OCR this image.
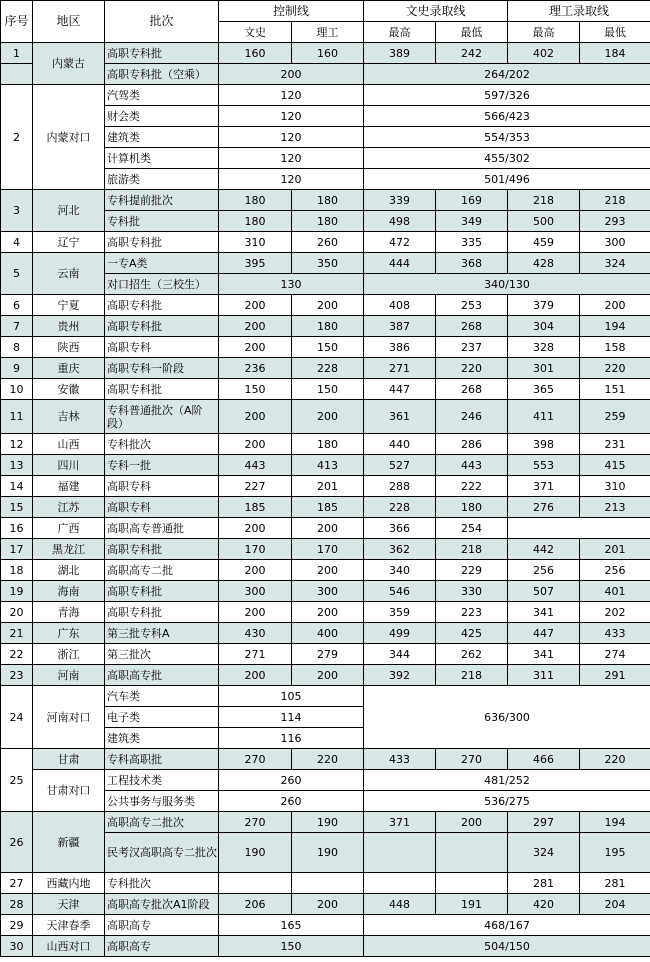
序号	地区	批次	控制线		文史录取线		理工录取线	
			文史	理工	最高	最低	最高	最低
1	内蒙古	高职专科批	160	160	389	242	402	184
		高职专科批（空乘）	200		264/202			
2	内蒙对口	汽驾类	120		597/326			
		财会类	120		566/423			
		建筑类	120		554/353			
		计算机类	120		455/302			
		旅游类	120		501/496			
3	河北	专科提前批次	180	180	339	169	218	218
		专科批	180	180	498	349	500	293
4	辽宁	高职专科批	310	260	472	335	459	300
5	云南	一专A类	395	350	444	368	428	324
		对口招生（三校生）	130		340/130			
6	宁夏	高职专科批	200	200	408	253	379	200
7	贵州	高职专科批	200	180	387	268	304	194
8	陕西	高职专科	200	150	386	237	328	158
9	重庆	高职专科一阶段	236	228	271	220	301	220
10	安徽	高职专科批	150	150	447	268	365	151
11	吉林	专科普通批次（A阶段）	200	200	361	246	411	259
12	山西	专科批次	200	180	440	286	398	231
13	四川	专科一批	443	413	527	443	553	415
14	福建	高职专科	227	201	288	222	371	310
15	江苏	高职专科	185	185	228	180	276	213
16	广西	高职高专普通批	200	200	366	254		
17	黑龙江	高职专科批	170	170	362	218	442	201
18	湖北	高职高专二批	200	200	340	229	256	256
19	海南	高职专科批	300	300	546	330	507	401
20	青海	高职专科批	200	200	359	223	341	202
21	广东	第三批专科A	430	400	499	425	447	433
22	浙江	第三批次	271	279	344	262	341	274
23	河南	高职高专批	200	200	392	218	311	291
24	河南对口	汽车类	105		636/300			
		电子类	114					
		建筑类	116					
25	甘肃	专科高职批	270	220	433	270	466	220
	甘肃对口	工程技术类	260		481/252			
		公共事务与服务类	260		536/275			
26	新疆	高职高专二批次	270	190	371	200	297	194
		民考汉高职高专二批次	190	190			324	195
27	西藏内地	专科批次					281	281
28	天津	高职高专批次A1阶段	206	200	448	191	420	204
29	天津春季	高职高专	165		468/167			
30	山西对口	高职高专	150		504/150			
